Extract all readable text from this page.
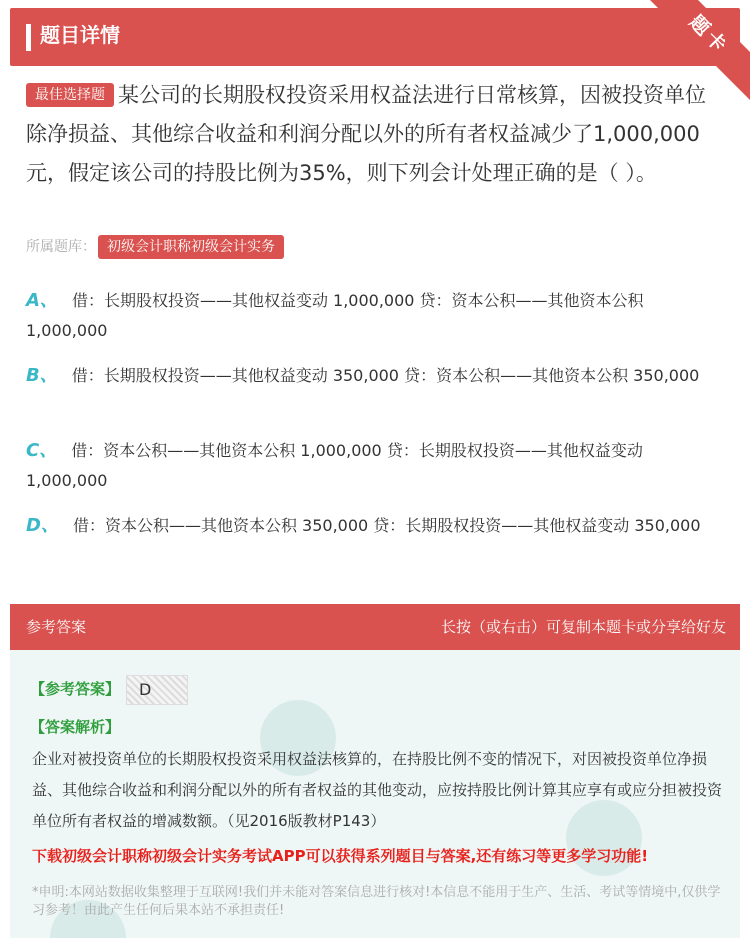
题目详情	题卡
最佳选择题 某公司的长期股权投资采用权益法进行日常核算，因被投资单位除净损益、其他综合收益和利润分配以外的所有者权益减少了1,000,000元，假定该公司的持股比例为35%，则下列会计处理正确的是（ ）。
所属题库： 初级会计职称初级会计实务
A、 借：长期股权投资——其他权益变动 1,000,000 贷：资本公积——其他资本公积 1,000,000
B、 借：长期股权投资——其他权益变动 350,000 贷：资本公积——其他资本公积 350,000
C、 借：资本公积——其他资本公积 1,000,000 贷：长期股权投资——其他权益变动 1,000,000
D、 借：资本公积——其他资本公积 350,000 贷：长期股权投资——其他权益变动 350,000
参考答案	长按（或右击）可复制本题卡或分享给好友
【参考答案】 D
【答案解析】
企业对被投资单位的长期股权投资采用权益法核算的，在持股比例不变的情况下，对因被投资单位净损益、其他综合收益和利润分配以外的所有者权益的其他变动，应按持股比例计算其应享有或应分担被投资单位所有者权益的增减数额。（见2016版教材P143）
下载初级会计职称初级会计实务考试APP可以获得系列题目与答案,还有练习等更多学习功能!
*申明:本网站数据收集整理于互联网!我们并未能对答案信息进行核对!本信息不能用于生产、生活、考试等情境中,仅供学习参考！由此产生任何后果本站不承担责任!
